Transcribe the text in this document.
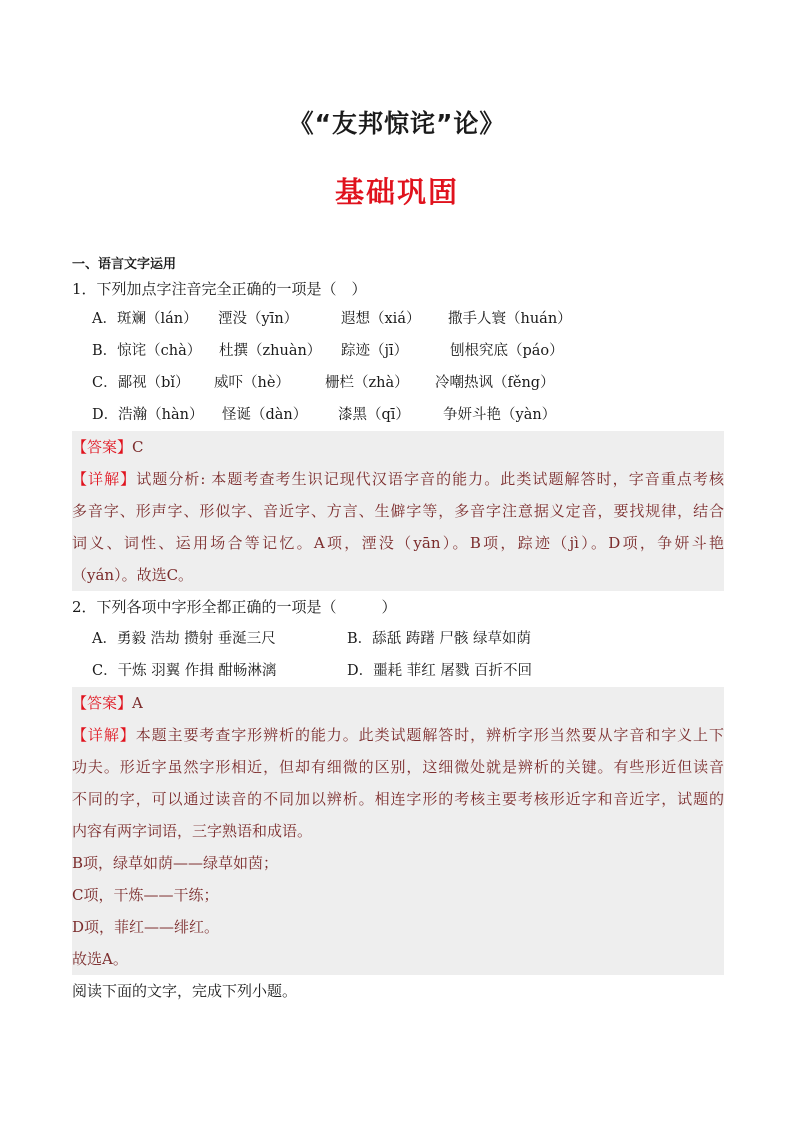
《“友邦惊诧”论》
基础巩固
一、语言文字运用
1．下列加点字注音完全正确的一项是（　）
A．斑斓（lán） 湮没（yīn）	遐想（xiá） 撒手人寰（huán）
B．惊诧（chà） 杜撰（zhuàn） 踪迹（jī）	刨根究底（páo）
C．鄙视（bǐ） 威吓（hè） 栅栏（zhà） 冷嘲热讽（fěng）
D．浩瀚（hàn） 怪诞（dàn） 漆黑（qī） 争妍斗艳（yàn）
【答案】C
【详解】试题分析: 本题考查考生识记现代汉语字音的能力。此类试题解答时，字音重点考核
多音字、形声字、形似字、音近字、方言、生僻字等，多音字注意据义定音，要找规律，结合
词义、词性、运用场合等记忆。A项，湮没（yān）。B项，踪迹（jì）。D项，争妍斗艳
（yán）。故选C。
2．下列各项中字形全都正确的一项是（　　　）
A．勇毅 浩劫 攒射 垂涎三尺	B．舔舐 踌躇 尸骸 绿草如荫
C．干炼 羽翼 作揖 酣畅淋漓	D．噩耗 菲红 屠戮 百折不回
【答案】A
【详解】本题主要考查字形辨析的能力。此类试题解答时，辨析字形当然要从字音和字义上下
功夫。形近字虽然字形相近，但却有细微的区别，这细微处就是辨析的关键。有些形近但读音
不同的字，可以通过读音的不同加以辨析。相连字形的考核主要考核形近字和音近字，试题的
内容有两字词语，三字熟语和成语。
B项，绿草如荫——绿草如茵；
C项，干炼——干练；
D项，菲红——绯红。
故选A。
阅读下面的文字，完成下列小题。
